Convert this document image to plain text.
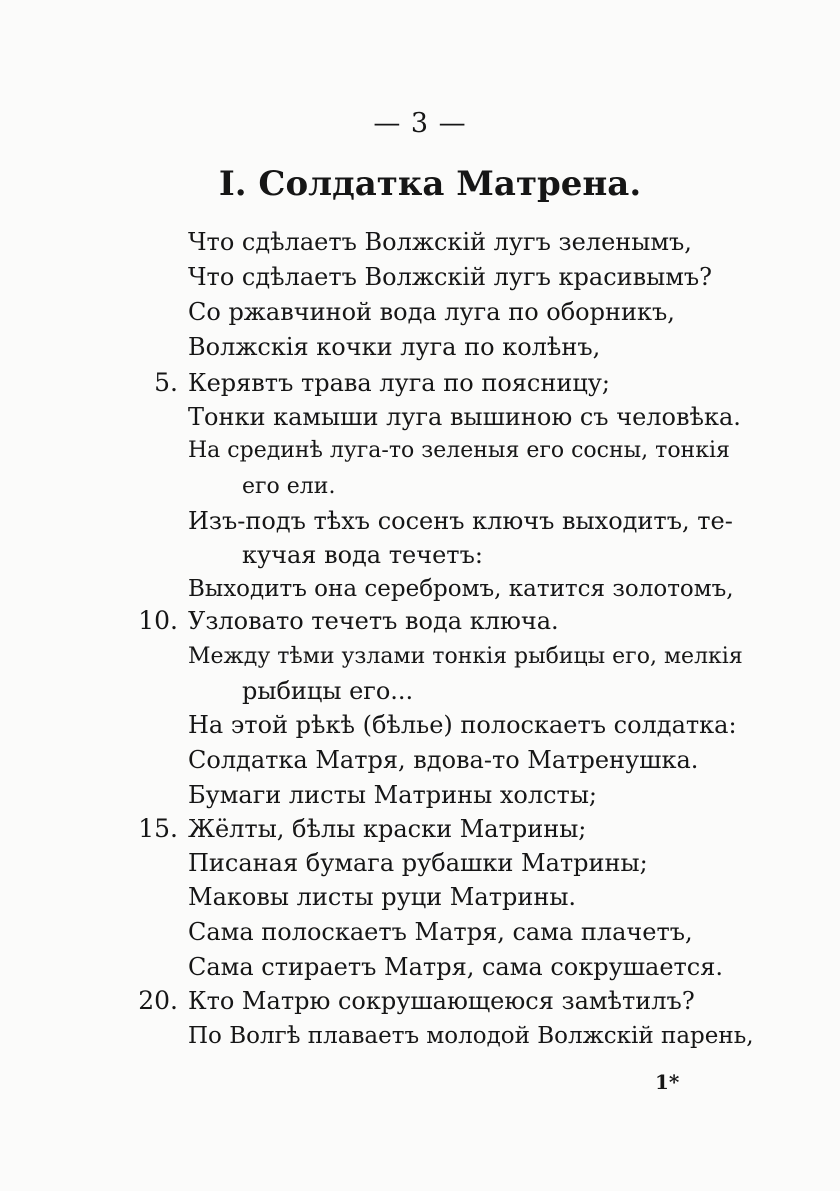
— 3 —
I. Солдатка Матрена.
5.
10.
15.
20.
Что сдѣлаетъ Волжскій лугъ зеленымъ,
Что сдѣлаетъ Волжскій лугъ красивымъ?
Со ржавчиной вода луга по оборникъ,
Волжскія кочки луга по колѣнъ,
Керявтъ трава луга по поясницу;
Тонки камыши луга вышиною съ человѣка.
На срединѣ луга-то зеленыя его сосны, тонкія
его ели.
Изъ-подъ тѣхъ сосенъ ключъ выходитъ, те-
кучая вода течетъ:
Выходитъ она серебромъ, катится золотомъ,
Узловато течетъ вода ключа.
Между тѣми узлами тонкія рыбицы его, мелкія
рыбицы его...
На этой рѣкѣ (бѣлье) полоскаетъ солдатка:
Солдатка Матря, вдова-то Матренушка.
Бумаги листы Матрины холсты;
Жёлты, бѣлы краски Матрины;
Писаная бумага рубашки Матрины;
Маковы листы руци Матрины.
Сама полоскаетъ Матря, сама плачетъ,
Сама стираетъ Матря, сама сокрушается.
Кто Матрю сокрушающеюся замѣтилъ?
По Волгѣ плаваетъ молодой Волжскій парень,
1*
